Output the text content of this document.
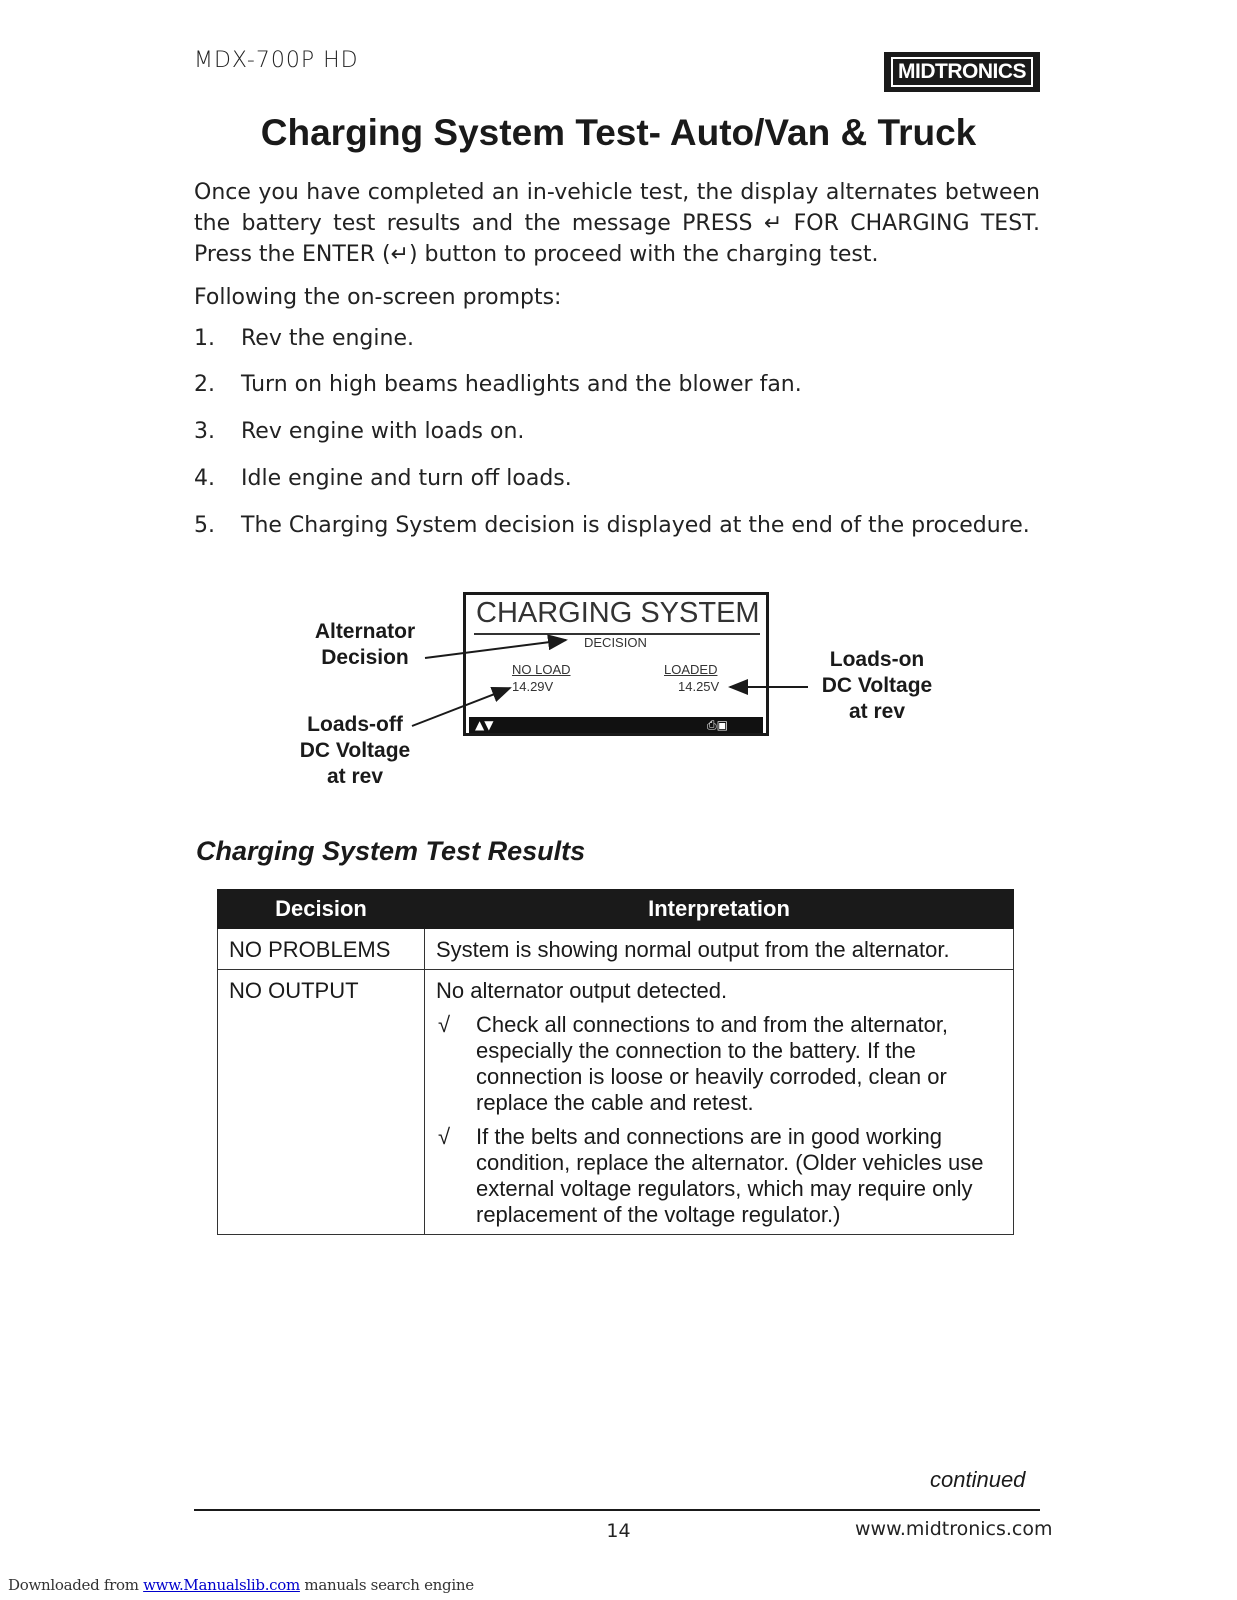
MDX-700P HD	MIDTRONICS
Charging System Test- Auto/Van & Truck
Once you have completed an in-vehicle test, the display alternates between the battery test results and the message PRESS ↵ FOR CHARGING TEST. Press the ENTER (↵) button to proceed with the charging test.
Following the on-screen prompts:
1. Rev the engine.
2. Turn on high beams headlights and the blower fan.
3. Rev engine with loads on.
4. Idle engine and turn off loads.
5. The Charging System decision is displayed at the end of the procedure.
CHARGING SYSTEM
DECISION
NO LOAD
14.29V
LOADED
14.25V
▲▼	⎙▣
Alternator
Decision
Loads-off
DC Voltage
at rev
Loads-on
DC Voltage
at rev
Charging System Test Results
Decision	Interpretation

NO PROBLEMS	System is showing normal output from the alternator.

NO OUTPUT	No alternator output detected.
√ Check all connections to and from the alternator, especially the connection to the battery. If the connection is loose or heavily corroded, clean or replace the cable and retest.
√ If the belts and connections are in good working condition, replace the alternator. (Older vehicles use external voltage regulators, which may require only replacement of the voltage regulator.)
continued
14	www.midtronics.com
Downloaded from www.Manualslib.com manuals search engine
